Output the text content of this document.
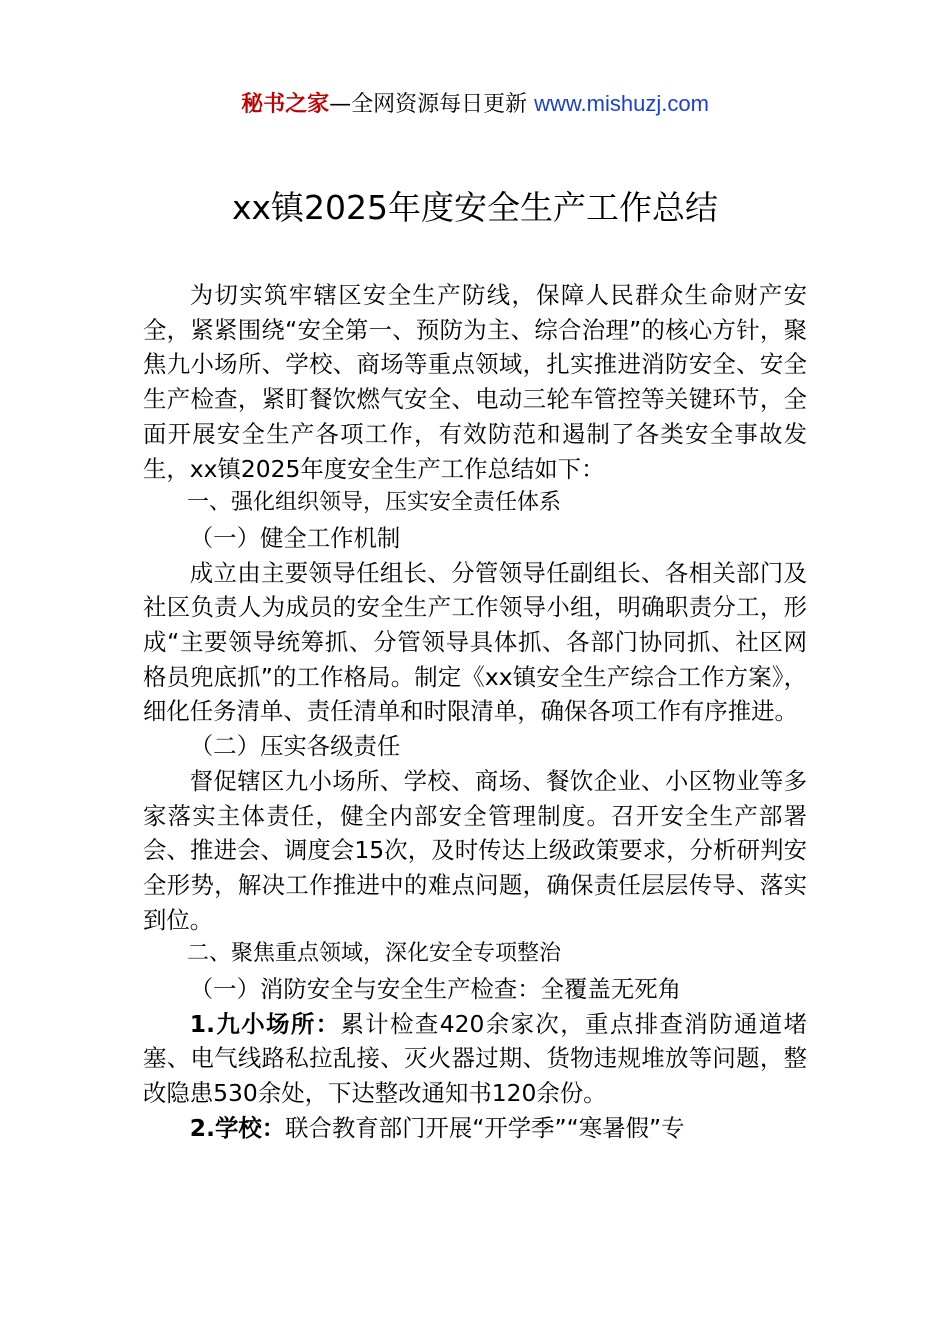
秘书之家—全网资源每日更新 www.mishuzj.com
xx镇2025年度安全生产工作总结

为切实筑牢辖区安全生产防线，保障人民群众生命财产安全，紧紧围绕“安全第一、预防为主、综合治理”的核心方针，聚焦九小场所、学校、商场等重点领域，扎实推进消防安全、安全生产检查，紧盯餐饮燃气安全、电动三轮车管控等关键环节，全面开展安全生产各项工作，有效防范和遏制了各类安全事故发生，xx镇2025年度安全生产工作总结如下：

一、强化组织领导，压实安全责任体系

（一）健全工作机制

成立由主要领导任组长、分管领导任副组长、各相关部门及社区负责人为成员的安全生产工作领导小组，明确职责分工，形成“主要领导统筹抓、分管领导具体抓、各部门协同抓、社区网格员兜底抓”的工作格局。制定《xx镇安全生产综合工作方案》，细化任务清单、责任清单和时限清单，确保各项工作有序推进。

（二）压实各级责任

督促辖区九小场所、学校、商场、餐饮企业、小区物业等多家落实主体责任，健全内部安全管理制度。召开安全生产部署会、推进会、调度会15次，及时传达上级政策要求，分析研判安全形势，解决工作推进中的难点问题，确保责任层层传导、落实到位。

二、聚焦重点领域，深化安全专项整治

（一）消防安全与安全生产检查：全覆盖无死角

1.九小场所：累计检查420余家次，重点排查消防通道堵塞、电气线路私拉乱接、灭火器过期、货物违规堆放等问题，整改隐患530余处，下达整改通知书120余份。

2.学校：联合教育部门开展“开学季”“寒暑假”专
